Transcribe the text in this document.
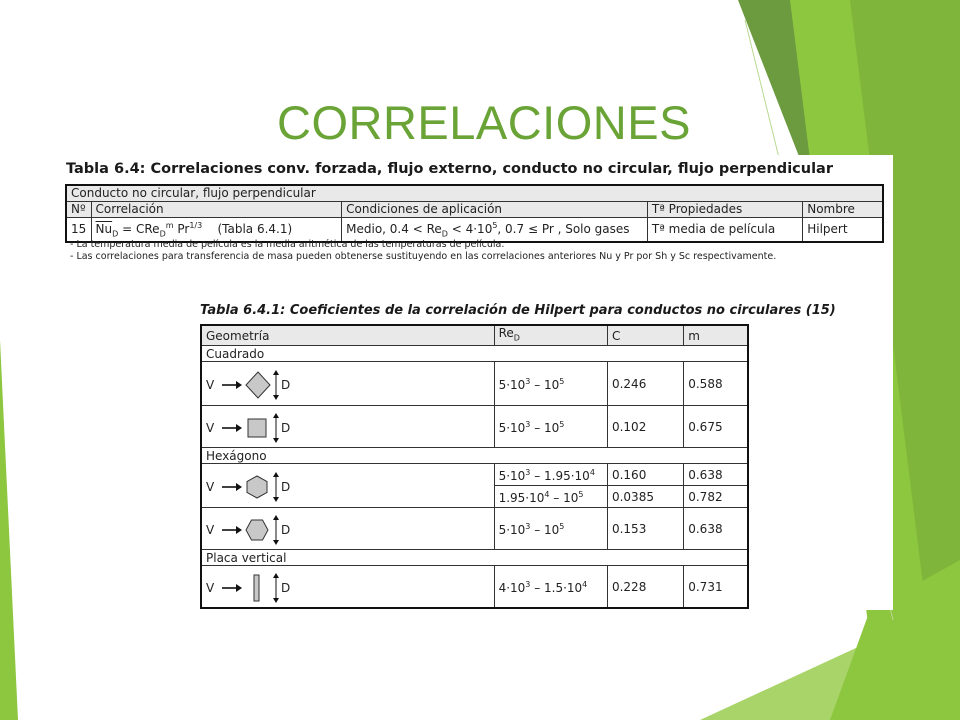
CORRELACIONES
Tabla 6.4: Correlaciones conv. forzada, flujo externo, conducto no circular, flujo perpendicular
Conducto no circular, flujo perpendicular				
Nº	Correlación	Condiciones de aplicación	Tª Propiedades	Nombre
15	$\overline{Nu}_D = CRe_D^m$ $Pr^{1/3}$ (Tabla 6.4.1)	Medio, $0.4 < Re_D < 4\cdot 10^5$, 0.7 ≤ Pr , Solo gases	Tª media de película	Hilpert
- La temperatura media de película es la media aritmética de las temperaturas de película.
- Las correlaciones para transferencia de masa pueden obtenerse sustituyendo en las correlaciones anteriores Nu y Pr por Sh y Sc respectivamente.
Tabla 6.4.1: Coeficientes de la correlación de Hilpert para conductos no circulares (15)
Geometría	$Re_D$	C	m
Cuadrado			

V D	$5\cdot 10^3 - 10^5$	0.246	0.588

V D	$5\cdot 10^3 - 10^5$	0.102	0.675
Hexágono			

V D	$5\cdot 10^3 - 1.95\cdot 10^4$	0.160	0.638
	$1.95\cdot 10^4 - 10^5$	0.0385	0.782

V D	$5\cdot 10^3 - 10^5$	0.153	0.638
Placa vertical			

V D	$4\cdot 10^3 - 1.5\cdot 10^4$	0.228	0.731
